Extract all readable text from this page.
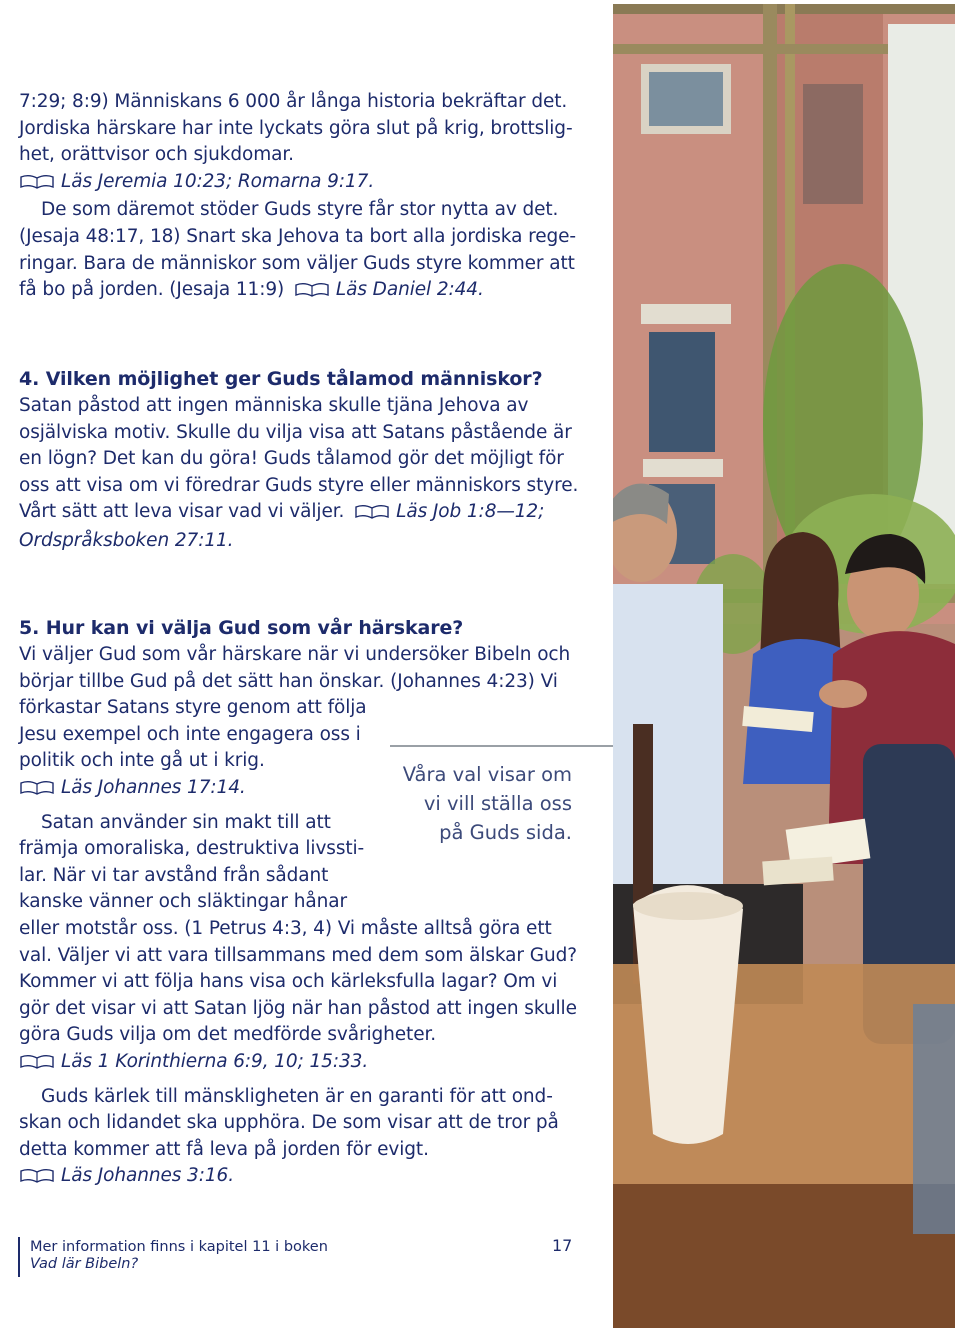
7:29; 8:9) Människans 6 000 år långa historia bekräftar det.

Jordiska härskare har inte lyckats göra slut på krig, brottslig-

het, orättvisor och sjukdomar.

Läs Jeremia 10:23; Romarna 9:17.

De som däremot stöder Guds styre får stor nytta av det.

(Jesaja 48:17, 18) Snart ska Jehova ta bort alla jordiska rege-

ringar. Bara de människor som väljer Guds styre kommer att

få bo på jorden. (Jesaja 11:9)	Läs Daniel 2:44.

4. Vilken möjlighet ger Guds tålamod människor?

Satan påstod att ingen människa skulle tjäna Jehova av

osjälviska motiv. Skulle du vilja visa att Satans påstående är

en lögn? Det kan du göra! Guds tålamod gör det möjligt för

oss att visa om vi föredrar Guds styre eller människors styre.

Vårt sätt att leva visar vad vi väljer.	Läs Job 1:8—12;

Ordspråksboken 27:11.

5. Hur kan vi välja Gud som vår härskare?

Vi väljer Gud som vår härskare när vi undersöker Bibeln och

börjar tillbe Gud på det sätt han önskar. (Johannes 4:23) Vi

förkastar Satans styre genom att följa

Jesu exempel och inte engagera oss i

politik och inte gå ut i krig.

Läs Johannes 17:14.

Satan använder sin makt till att

främja omoraliska, destruktiva livssti-

lar. När vi tar avstånd från sådant

kanske vänner och släktingar hånar

eller motstår oss. (1 Petrus 4:3, 4) Vi måste alltså göra ett

val. Väljer vi att vara tillsammans med dem som älskar Gud?

Kommer vi att följa hans visa och kärleksfulla lagar? Om vi

gör det visar vi att Satan ljög när han påstod att ingen skulle

göra Guds vilja om det medförde svårigheter.

Läs 1 Korinthierna 6:9, 10; 15:33.

Guds kärlek till mänskligheten är en garanti för att ond-

skan och lidandet ska upphöra. De som visar att de tror på

detta kommer att få leva på jorden för evigt.

Läs Johannes 3:16.

Våra val visar om
vi vill ställa oss
på Guds sida.
Mer information finns i kapitel 11 i boken
Vad lär Bibeln?
17
